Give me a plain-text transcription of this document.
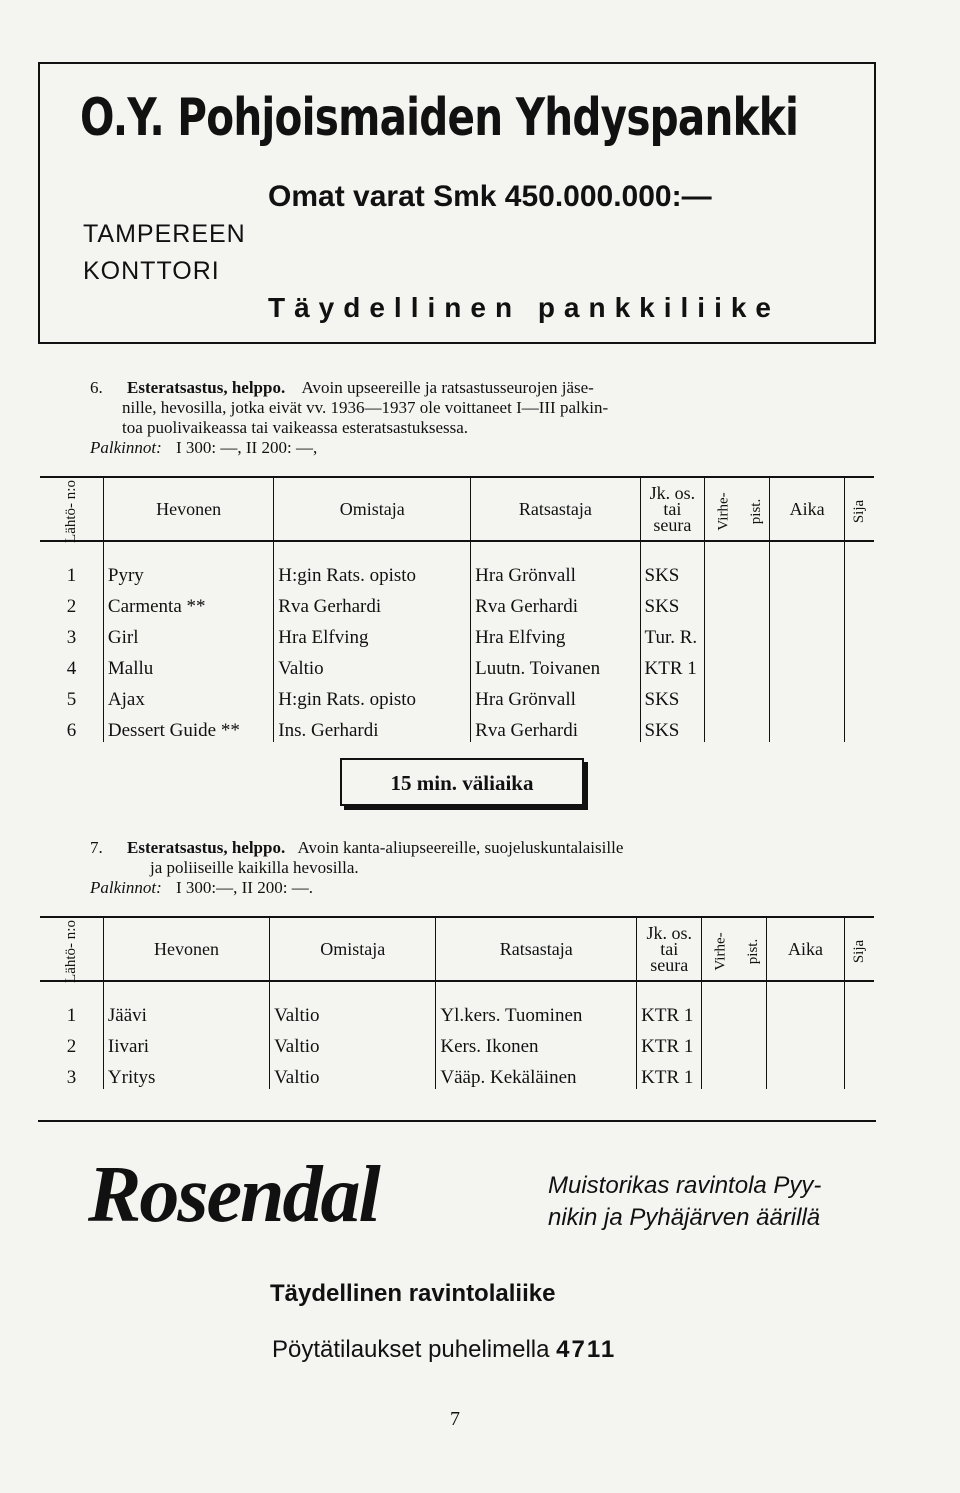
O.Y. Pohjoismaiden Yhdyspankki
Omat varat Smk 450.000.000:—
TAMPEREEN
KONTTORI
Täydellinen pankkiliike
6. Esteratsastus, helppo. Avoin upseereille ja ratsastusseurojen jäse-
nille, hevosilla, jotka eivät vv. 1936—1937 ole voittaneet I—III palkin-
toa puolivaikeassa tai vaikeassa esteratsastuksessa.
Palkinnot: I 300: —, II 200: —,
Lähtö- n:o	Hevonen	Omistaja	Ratsastaja	Jk. os.
tai
seura	Virhe-	pist.	Aika	Sija

1	Pyry	H:gin Rats. opisto	Hra Grönvall	SKS				
2	Carmenta **	Rva Gerhardi	Rva Gerhardi	SKS				
3	Girl	Hra Elfving	Hra Elfving	Tur. R.				
4	Mallu	Valtio	Luutn. Toivanen	KTR 1				
5	Ajax	H:gin Rats. opisto	Hra Grönvall	SKS				
6	Dessert Guide **	Ins. Gerhardi	Rva Gerhardi	SKS				
15 min. väliaika
7. Esteratsastus, helppo. Avoin kanta-aliupseereille, suojeluskuntalaisille
ja poliiseille kaikilla hevosilla.
Palkinnot: I 300:—, II 200: —.
Lähtö- n:o	Hevonen	Omistaja	Ratsastaja	Jk. os.
tai
seura	Virhe-	pist.	Aika	Sija

1	Jäävi	Valtio	Yl.kers. Tuominen	KTR 1				
2	Iivari	Valtio	Kers. Ikonen	KTR 1				
3	Yritys	Valtio	Vääp. Kekäläinen	KTR 1				
Rosendal	Muistorikas ravintola Pyy-
nikin ja Pyhäjärven äärillä
Täydellinen ravintolaliike
Pöytätilaukset puhelimella 4711
7
